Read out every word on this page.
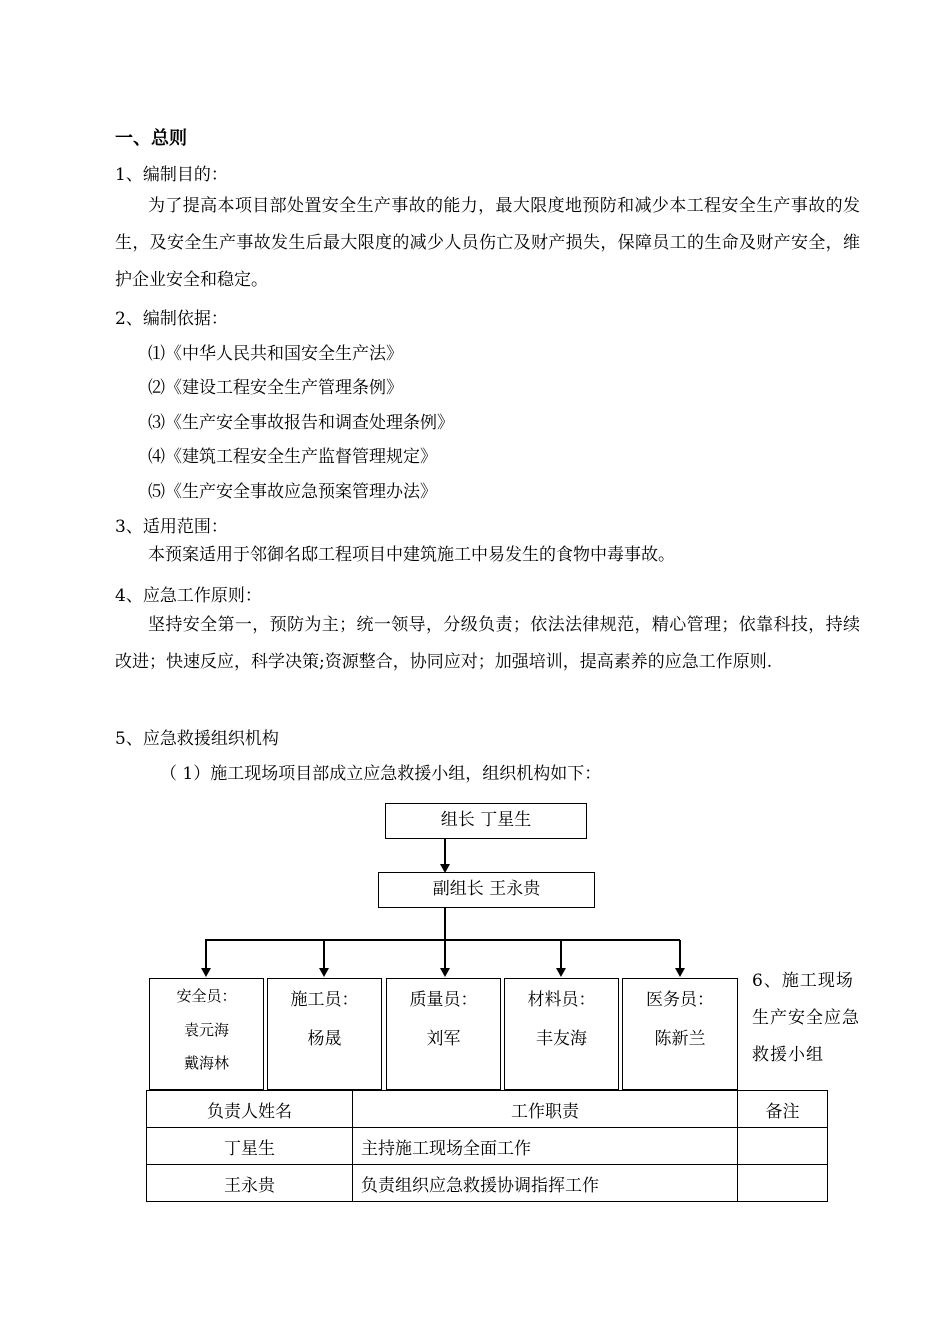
一、总则
1、编制目的：
为了提高本项目部处置安全生产事故的能力，最大限度地预防和减少本工程安全生产事故的发生，及安全生产事故发生后最大限度的减少人员伤亡及财产损失，保障员工的生命及财产安全，维护企业安全和稳定。
2、编制依据：
⑴《中华人民共和国安全生产法》
⑵《建设工程安全生产管理条例》
⑶《生产安全事故报告和调查处理条例》
⑷《建筑工程安全生产监督管理规定》
⑸《生产安全事故应急预案管理办法》
3、适用范围：
本预案适用于邻御名邸工程项目中建筑施工中易发生的食物中毒事故。
4、应急工作原则：
坚持安全第一，预防为主；统一领导，分级负责；依法法律规范，精心管理；依靠科技，持续改进；快速反应，科学决策;资源整合，协同应对；加强培训，提高素养的应急工作原则.
5、应急救援组织机构
（ 1）施工现场项目部成立应急救援小组，组织机构如下：
组长 丁星生
副组长 王永贵
安全员：
袁元海
戴海林
施工员：
杨晟
质量员：
刘军
材料员：
丰友海
医务员：
陈新兰
6、施工现场生产安全应急救援小组
负责人姓名	工作职责	备注
丁星生	主持施工现场全面工作	
王永贵	负责组织应急救援协调指挥工作	
